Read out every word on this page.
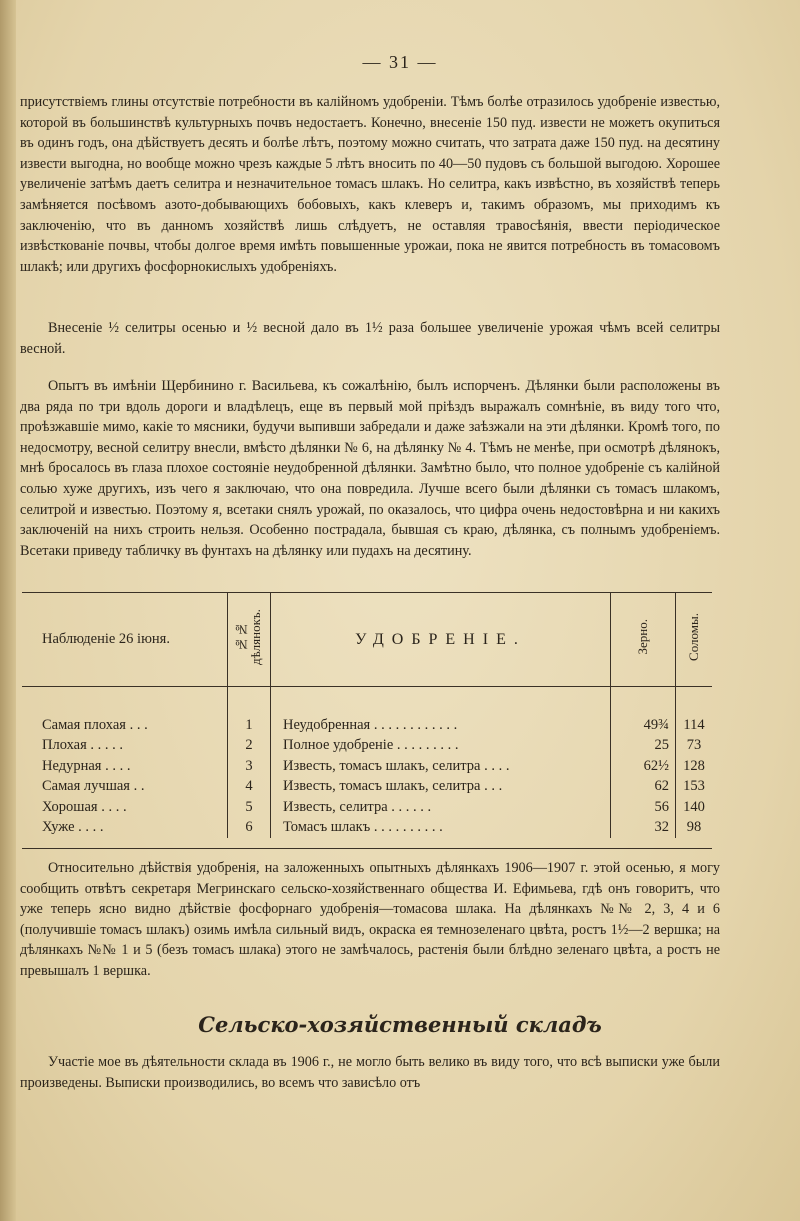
— 31 —

присутствіемъ глины отсутствіе потребности въ калійномъ удобреніи. Тѣмъ болѣе отразилось удобреніе известью, которой въ большинствѣ культурныхъ почвъ недостаетъ. Конечно, внесеніе 150 пуд. извести не можетъ окупиться въ одинъ годъ, она дѣйствуетъ десять и болѣе лѣтъ, поэтому можно считать, что затрата даже 150 пуд. на десятину извести выгодна, но вообще можно чрезъ каждые 5 лѣтъ вносить по 40—50 пудовъ съ большой выгодою. Хорошее увеличеніе затѣмъ даетъ селитра и незначительное томасъ шлакъ. Но селитра, какъ извѣстно, въ хозяйствѣ теперь замѣняется посѣвомъ азото-добывающихъ бобовыхъ, какъ клеверъ и, такимъ образомъ, мы приходимъ къ заключенію, что въ данномъ хозяйствѣ лишь слѣдуетъ, не оставляя травосѣянія, ввести періодическое извѣсткованіе почвы, чтобы долгое время имѣть повышенные урожаи, пока не явится потребность въ томасовомъ шлакѣ; или другихъ фосфорнокислыхъ удобреніяхъ.

Внесеніе ½ селитры осенью и ½ весной дало въ 1½ раза большее увеличеніе урожая чѣмъ всей селитры весной.

Опытъ въ имѣніи Щербинино г. Васильева, къ сожалѣнію, былъ испорченъ. Дѣлянки были расположены въ два ряда по три вдоль дороги и владѣлецъ, еще въ первый мой пріѣздъ выражалъ сомнѣніе, въ виду того что, проѣзжавшіе мимо, какіе то мясники, будучи выпивши забредали и даже заѣзжали на эти дѣлянки. Кромѣ того, по недосмотру, весной селитру внесли, вмѣсто дѣлянки № 6, на дѣлянку № 4. Тѣмъ не менѣе, при осмотрѣ дѣлянокъ, мнѣ бросалось въ глаза плохое состояніе неудобренной дѣлянки. Замѣтно было, что полное удобреніе съ калійной солью хуже другихъ, изъ чего я заключаю, что она повредила. Лучше всего были дѣлянки съ томасъ шлакомъ, селитрой и известью. Поэтому я, всетаки снялъ урожай, по оказалось, что цифра очень недостовѣрна и ни какихъ заключеній на нихъ строить нельзя. Особенно пострадала, бывшая съ краю, дѣлянка, съ полнымъ удобреніемъ. Всетаки приведу табличку въ фунтахъ на дѣлянку или пудахъ на десятину.

Наблюденіе 26 іюня.	№№ дѣлянокъ.	УДОБРЕНІЕ.	Зерно.	Соломы.

Самая плохая . . .	1	Неудобренная . . . . . . . . . . . .	49¾	114
Плохая . . . . .	2	Полное удобреніе . . . . . . . . .	25	73
Недурная . . . .	3	Известь, томасъ шлакъ, селитра . . . .	62½	128
Самая лучшая . .	4	Известь, томасъ шлакъ, селитра . . .	62	153
Хорошая . . . .	5	Известь, селитра . . . . . .	56	140
Хуже . . . .	6	Томасъ шлакъ . . . . . . . . . .	32	98

Относительно дѣйствія удобренія, на заложенныхъ опытныхъ дѣлянкахъ 1906—1907 г. этой осенью, я могу сообщить отвѣтъ секретаря Мегринскаго сельско-хозяйственнаго общества И. Ефимьева, гдѣ онъ говоритъ, что уже теперь ясно видно дѣйствіе фосфорнаго удобренія—томасова шлака. На дѣлянкахъ №№ 2, 3, 4 и 6 (получившіе томасъ шлакъ) озимь имѣла сильный видъ, окраска ея темнозеленаго цвѣта, ростъ 1½—2 вершка; на дѣлянкахъ №№ 1 и 5 (безъ томасъ шлака) этого не замѣчалось, растенія были блѣдно зеленаго цвѣта, а ростъ не превышалъ 1 вершка.

Сельско-хозяйственный складъ

Участіе мое въ дѣятельности склада въ 1906 г., не могло быть велико въ виду того, что всѣ выписки уже были произведены. Выписки производились, во всемъ что зависѣло отъ
